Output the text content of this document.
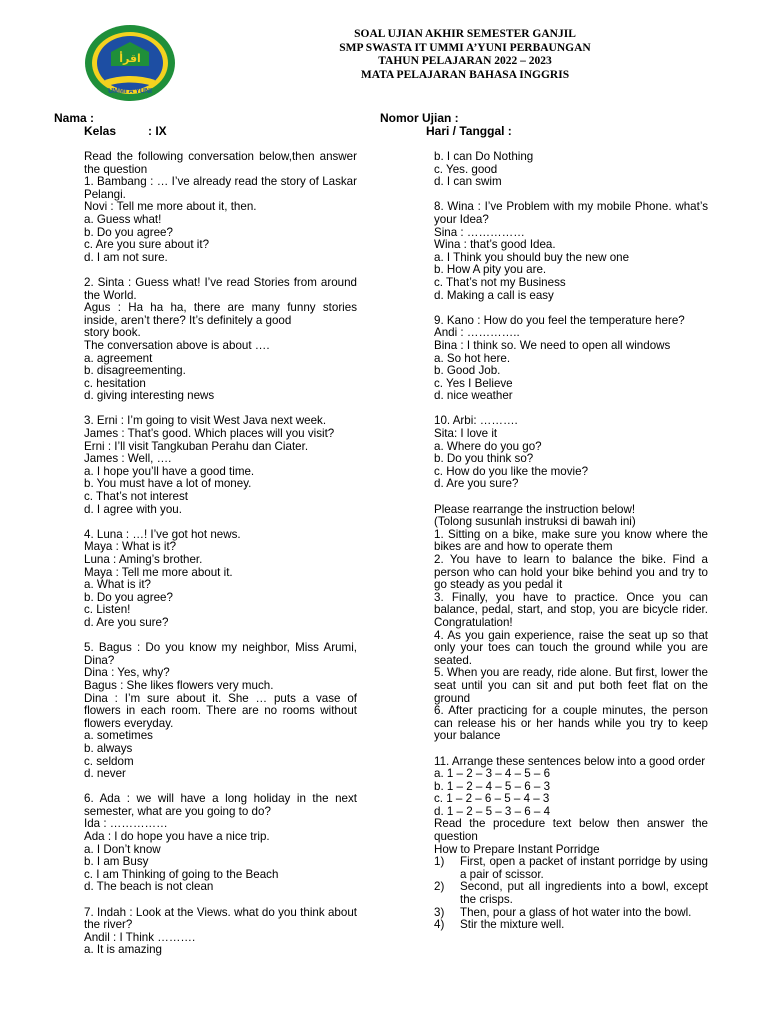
اقرأ
UMMI A'YUNI
SOAL UJIAN AKHIR SEMESTER GANJIL
SMP SWASTA IT UMMI A’YUNI PERBAUNGAN
TAHUN PELAJARAN 2022 – 2023
MATA PELAJARAN BAHASA INGGRIS
Nama :
Kelas	: IX
Nomor Ujian :
Hari / Tanggal :
Read the following conversation below,then answer the question
1. Bambang : … I’ve already read the story of Laskar Pelangi.
Novi : Tell me more about it, then.
a. Guess what!
b. Do you agree?
c. Are you sure about it?
d. I am not sure.
2. Sinta : Guess what! I’ve read Stories from around the World.
Agus : Ha ha ha, there are many funny stories inside, aren’t there? It’s definitely a good
story book.
The conversation above is about ….
a. agreement
b. disagreementing.
c. hesitation
d. giving interesting news
3. Erni : I’m going to visit West Java next week.
James : That’s good. Which places will you visit?
Erni : I’ll visit Tangkuban Perahu dan Ciater.
James : Well, ….
a. I hope you’ll have a good time.
b. You must have a lot of money.
c. That’s not interest
d. I agree with you.
4. Luna : …! I’ve got hot news.
Maya : What is it?
Luna : Aming’s brother.
Maya : Tell me more about it.
a. What is it?
b. Do you agree?
c. Listen!
d. Are you sure?
5. Bagus : Do you know my neighbor, Miss Arumi, Dina?
Dina : Yes, why?
Bagus : She likes flowers very much.
Dina : I’m sure about it. She … puts a vase of flowers in each room. There are no rooms without flowers everyday.
a. sometimes
b. always
c. seldom
d. never
6. Ada : we will have a long holiday in the next semester, what are you going to do?
Ida : ……………
Ada : I do hope you have a nice trip.
a. I Don’t know
b. I am Busy
c. I am Thinking of going to the Beach
d. The beach is not clean
7. Indah : Look at the Views. what do you think about the river?
Andil : I Think ……….
a. It is amazing
b. I can Do Nothing
c. Yes. good
d. I can swim
8. Wina : I’ve Problem with my mobile Phone. what’s your Idea?
Sina : ……………
Wina : that’s good Idea.
a. I Think you should buy the new one
b. How A pity you are.
c. That’s not my Business
d. Making a call is easy
9. Kano : How do you feel the temperature here?
Andi : …………..
Bina : I think so. We need to open all windows
a. So hot here.
b. Good Job.
c. Yes I Believe
d. nice weather
10. Arbi: ……….
Sita: I love it
a. Where do you go?
b. Do you think so?
c. How do you like the movie?
d. Are you sure?
Please rearrange the instruction below!
(Tolong susunlah instruksi di bawah ini)
1. Sitting on a bike, make sure you know where the bikes are and how to operate them
2. You have to learn to balance the bike. Find a person who can hold your bike behind you and try to go steady as you pedal it
3. Finally, you have to practice. Once you can balance, pedal, start, and stop, you are bicycle rider. Congratulation!
4. As you gain experience, raise the seat up so that only your toes can touch the ground while you are seated.
5. When you are ready, ride alone. But first, lower the seat until you can sit and put both feet flat on the ground
6. After practicing for a couple minutes, the person can release his or her hands while you try to keep your balance
11. Arrange these sentences below into a good order
a. 1 – 2 – 3 – 4 – 5 – 6
b. 1 – 2 – 4 – 5 – 6 – 3
c. 1 – 2 – 6 – 5 – 4 – 3
d. 1 – 2 – 5 – 3 – 6 – 4
Read the procedure text below then answer the question
How to Prepare Instant Porridge
1)	First, open a packet of instant porridge by using a pair of scissor.
2)	Second, put all ingredients into a bowl, except the crisps.
3)	Then, pour a glass of hot water into the bowl.
4)	Stir the mixture well.
